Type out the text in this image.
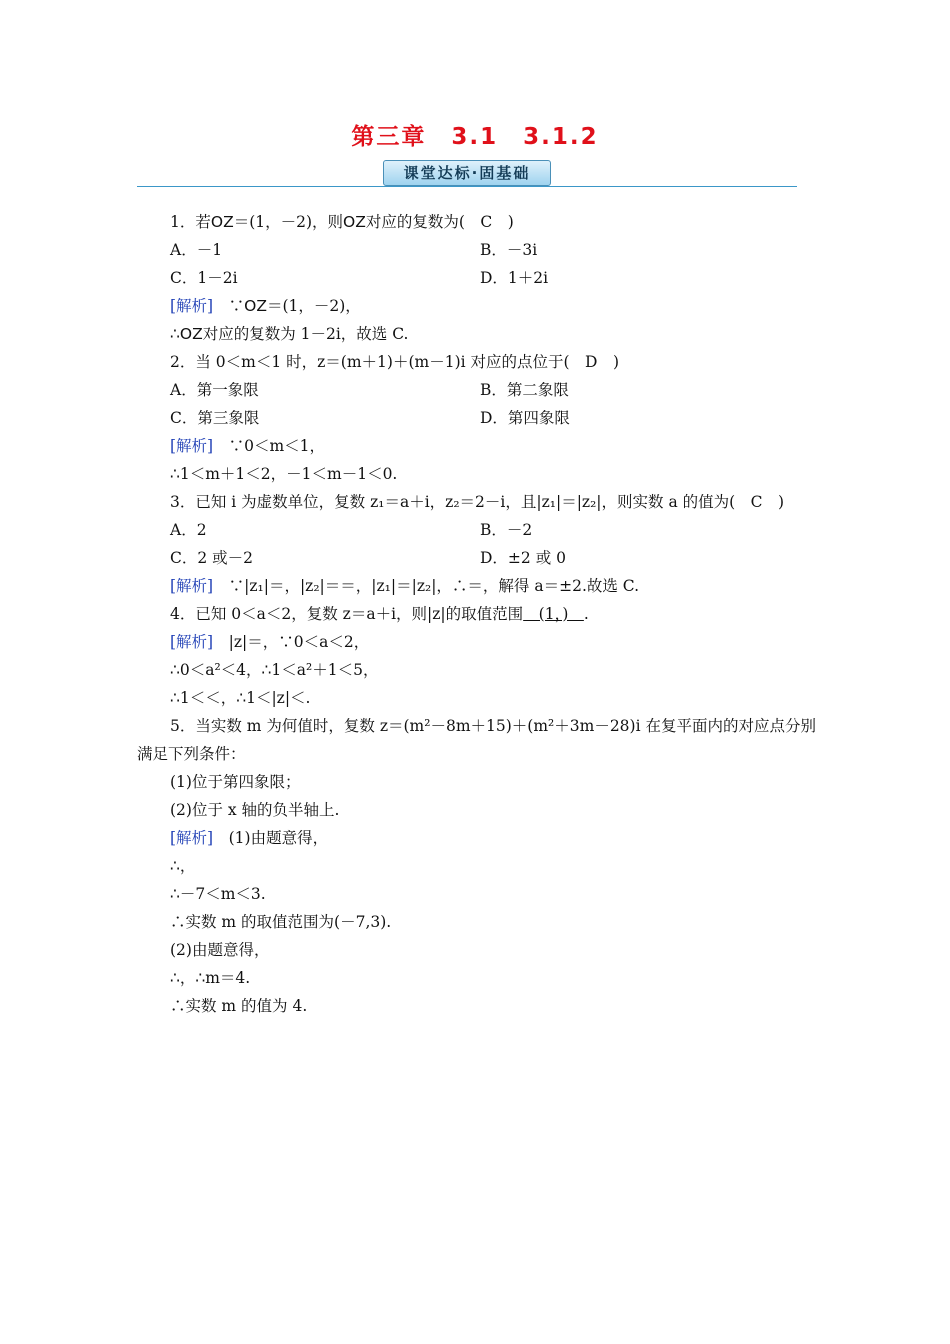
第三章　3.1　3.1.2
课堂达标·固基础
1．若OZ＝(1，－2)，则OZ对应的复数为(　C　)
A．－1	B．－3i
C．1－2i	D．1＋2i
[解析]　 ∵OZ＝(1，－2)，
∴OZ对应的复数为 1－2i，故选 C.
2．当 0＜m＜1 时，z＝(m＋1)＋(m－1)i 对应的点位于(　D　)
A．第一象限	B．第二象限
C．第三象限	D．第四象限
[解析]　 ∵0＜m＜1，
∴1＜m＋1＜2，－1＜m－1＜0.
3．已知 i 为虚数单位，复数 z₁＝a＋i，z₂＝2－i，且|z₁|＝|z₂|，则实数 a 的值为(　C　)
A．2	B．－2
C．2 或－2	D．±2 或 0
[解析]　 ∵|z₁|＝，|z₂|＝＝，|z₁|＝|z₂|，∴＝，解得 a＝±2.故选 C.
4．已知 0＜a＜2，复数 z＝a＋i，则|z|的取值范围　(1，)　.
[解析]　 |z|＝，∵0＜a＜2，
∴0＜a²＜4，∴1＜a²＋1＜5，
∴1＜＜，∴1＜|z|＜.
5．当实数 m 为何值时，复数 z＝(m²－8m＋15)＋(m²＋3m－28)i 在复平面内的对应点分别
满足下列条件：
(1)位于第四象限；
(2)位于 x 轴的负半轴上.
[解析]　 (1)由题意得，
∴，
∴－7＜m＜3.
∴实数 m 的取值范围为(－7,3).
(2)由题意得，
∴，∴m＝4.
∴实数 m 的值为 4.
